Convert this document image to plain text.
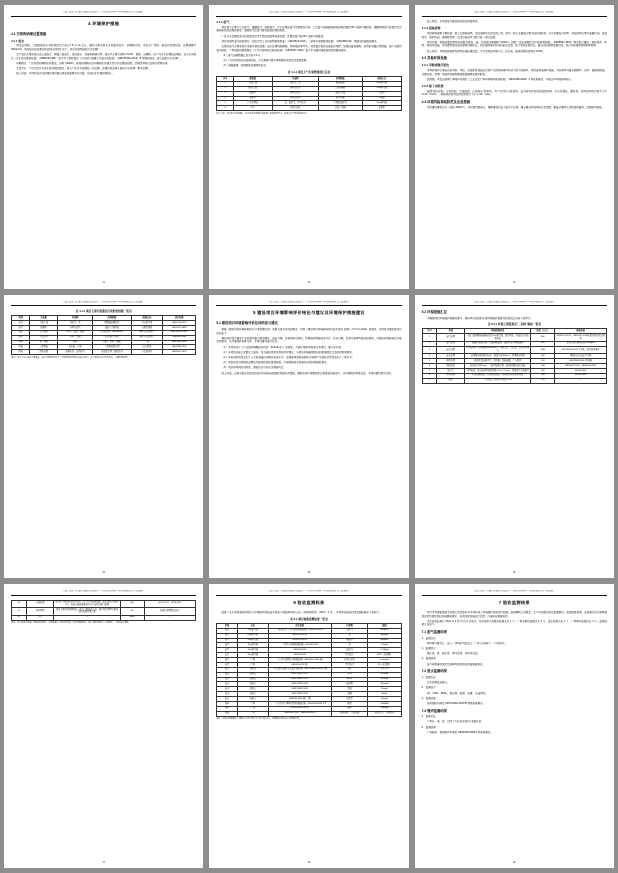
宜都兴发化工有限公司搬迁升级改造（一次性补充材料）环境影响报告书（报批稿）
4 环境保护措施
4.1 污染物治理处置措施
4.1.1 废水

项目运营期，工程的排放水类别包括生产废水7.5 万 t/a 左右，循环冷却水排水及地面冲洗水、初期雨水等。项目全厂设置一套废水处理系统，处理规模为3000m³/d，项目废水经处理达标后部分回用于生产，其余外排至园区污水处理厂。

生产废水主要包括合成工段废水、精馏工段废水、洗涤废水、设备检修排水等，废水中主要污染物为COD、氨氮、总磷等。经厂内污水处理站处理后，出水水质执行《污水综合排放标准》（GB8978-1996）表 4 中三级标准及《污水排入城镇下水道水质标准》（GB/T31962-2015）B 等级标准后，排入园区污水处理厂。

初期雨水：厂区设置初期雨水收集池，容积为500m³，收集初期雨水经初期雨水泵提升至污水处理站处理，后期清净雨水经雨水管网外排。

生活污水：厂区生活污水经化粪池预处理后，排入厂区污水处理站一并处理，处理达标后排入园区污水处理厂集中处理。

综上所述，本项目废水经处理后满足相应排放标准要求后外排，对周边水环境影响较小。

21
宜都兴发化工有限公司搬迁升级改造（一次性补充材料）环境影响报告书（报批稿）
4.1.2 废气

项目废气主要为工艺废气、储罐废气、装卸废气、污水处理站废气及事故废气等。工艺废气经碱液吸收塔处理后通过25m 高排气筒排放；储罐呼吸废气经氮封及冷凝回收系统处理后排放；装卸废气经油气回收装置处理后排放。

厂区污水处理站废气经收集后送至生物滤池除臭装置处理，处理后废气经15m 高排气筒排放。

项目有组织废气排放满足《无机化学工业污染物排放标准》（GB31573-2015）、《恶臭污染物排放标准》（GB14554-93）等相关标准限值要求。

无组织废气主要来源于设备及管线泄漏、废水处理设施逸散、物料储运等环节。项目通过提高设备密封等级、加强设备检维修、采用密闭储运等措施，减少无组织废气排放。厂界无组织排放满足《大气污染物综合排放标准》（GB16297-1996）表 2 中无组织排放监控浓度限值要求。

（1）废气治理措施汇总见表 4.1-1。

（2）厂区内设置在线监测系统，对主要排气筒污染物排放浓度进行连续监测。

（3）加强管理，杜绝跑冒滴漏现象发生。

表 4.1-1 项目大气污染物排放汇总表
序号	排放源	污染物	处理措施	排放方式
1	合成工段	氯化氢、氨	碱液吸收	25m排气筒
2	精馏工段	非甲烷总烃	冷凝+吸收	25m排气筒
3	储罐区	非甲烷总烃	氮封+冷凝	有组织
4	装卸区	非甲烷总烃	油气回收	有组织
5	污水处理站	氨、硫化氢、臭气浓度	生物滤池除臭	15m排气筒
6	全厂	非甲烷总烃	密闭、检修	无组织

综合分析：项目废气经处理后，排放浓度及速率均满足相应标准限值要求，对周边大气环境影响较小。

22
宜都兴发化工有限公司搬迁升级改造（一次性补充材料）环境影响报告书（报批稿）

综上所述，本项目废气排放满足相应标准要求。

4.1.3 固体废物

项目固体废物主要包括一般工业固体废物、危险废物和生活垃圾三类。其中一般工业固废主要为废包装材料、污水处理站污泥等；危险废物主要为废催化剂、废活性炭、废矿物油、废吸附剂等；生活垃圾由环卫部门统一清运处理。

项目设置一般固废暂存间和危废暂存间各一座，危废暂存间面积为200m²，按照《危险废物贮存污染控制标准》（GB18597-2023）要求进行建设，做好防渗、防雨、防流失措施，并设置明显的危险废物识别标志。危险废物委托有资质单位处置，签订委托处置协议，建立危险废物管理台账，执行危险废物转移联单制度。

综上所述，项目固体废物均得到妥善处理处置，不会对周边环境产生二次污染，固体废物处置率达 100%。

4.2 其他环保设施
4.2.1 甲醇或噪声防治

本项目噪声主要来自各类泵、风机、压缩机等设备运行时产生的机械噪声和空气动力性噪声。项目选用低噪声设备，对高噪声设备采取隔声、消声、减振等措施，合理布局，利用厂房隔声和距离衰减等措施降低噪声影响。

经预测，项目运营期厂界噪声可满足《工业企业厂界环境噪声排放标准》（GB12348-2008）3 类标准要求，对周边声环境影响较小。

4.2.2 地下水防渗

按照"源头控制、分区防控、污染监控、应急响应"的原则，对厂区进行分区防渗。重点防渗区包括危废暂存间、污水处理站、罐区等，防渗层渗透系数不大于 1×10⁻¹⁰cm/s；一般防渗区防渗层渗透系数不大于 1×10⁻⁷cm/s。

4.3 环境风险事故防范及应急措施

项目建设事故水池（容积 1000m³），并设置切换阀门，确保事故状态下废水不外排。建立健全环境风险应急预案，配备必要的应急物资和器材，定期组织演练。

23
宜都兴发化工有限公司搬迁升级改造（一次性补充材料）环境影响报告书（报批稿）
表 4.1-1 项目主要污染源及污染防治措施一览表
类别	污染源	污染物	治理措施	排放去向	执行标准
废气	合成工段	氯化氢、氨	两级碱液吸收塔	25m排气筒	GB31573-2015
废气	储罐区	非甲烷总烃	氮封+冷凝回收	有组织排放	GB16297-1996
废水	生产废水	COD、氨氮、总磷	污水处理站（3000m³/d）	园区污水处理厂	GB/T31962-2015
废水	生活污水	COD、氨氮	化粪池+污水站	园区污水处理厂	GB8978-1996
噪声	泵、风机	噪声	隔声、消声、减振	厂界	GB12348-2008
固废	一般固废	废包装、污泥	一般固废暂存间	综合利用	GB18599-2020
固废	危险废物	废催化剂、废活性炭	危废暂存间，委托处置	有资质单位	GB18597-2023

备注：表中 COD 指化学需氧量；GB 为国家标准代号；危废暂存间容积按 6000t 设计，并与有资质单位签订协议，定期转移处置。

24
宜都兴发化工有限公司搬迁升级改造（一次性补充材料）环境影响报告书（报批稿）
5 建设项目环境影响评价结论与建议及环境保护措施建议
5.1 建设项目环境影响评价总体结论与建议

根据《建设项目环境影响评价分类管理名录》及相关技术导则的要求，对照《建设项目环境影响评价技术导则 总纲》（HJ 2.1-2016）的规定，本项目环境影响评价结论如下：

建设项目符合国家产业政策和相关规划要求，选址合理，总量指标可满足，环境保护措施技术可行、经济合理，各类污染物均能达标排放，对周边环境影响在可接受范围内。从环境保护角度分析，本项目建设是可行的。

（1）本项目符合《产业结构调整指导目录（2024年本）》的规定，不属于限制类和淘汰类项目，属于允许类。

（2）本项目选址于宜都化工园内，符合园区规划及规划环评要求，与周边环境敏感目标的距离满足卫生防护距离要求。

（3）项目采用的清洁生产工艺和装备达到国内先进水平，资源能源消耗指标和污染物产生指标达到清洁生产二级水平。

（4）项目各类污染物经治理后均能满足相应排放标准，污染物排放总量满足总量控制指标要求。

（5）项目环境风险可防控，事故状态下的应急措施可行。

综上所述，在落实报告书提出的各项污染防治措施和风险防范措施、确保各类污染物稳定达标排放的前提下，从环境保护角度论证，本项目建设是可行的。

25
宜都兴发化工有限公司搬迁升级改造（一次性补充材料）环境影响报告书（报批稿）
5.2 环保措施汇总

为确保项目环境保护措施的落实，现将项目采取的主要环境保护措施及其投资汇总如下表所示。

表 5.2-1 环保工程投资及"三同时"验收一览表
序号	类别	环保措施内容	投资（万元）	验收标准
1	废气治理	合成工段两级碱液吸收塔及25m排气筒，配套风机、管道及在线监测系统	680	GB31573-2015、GB16297-1996无组织监控浓度限值
2	废气治理	储罐区氮封系统、冷凝回收装置、装卸区油气回收装置	420	非甲烷总烃排放浓度≤80mg/m³
3	废水治理	污水处理站（处理规模3000m³/d），含调节池、生化池、深度处理单元	1850	GB/T31962-2015 B等级、园区纳管要求
4	废水治理	初期雨水收集池500m³、事故水池1000m³、清净雨水管网	360	事故状态下废水不外排
5	噪声治理	高噪声设备隔声罩、消声器、基础减振、厂房隔声	150	GB12348-2008 3类标准
6	固废处置	危废暂存间200m²、一般固废暂存间，防渗防雨防流失设施	240	GB18597-2023、GB18599-2020
7	地下水	分区防渗，重点防渗区渗透系数≤1×10⁻¹⁰cm/s，设置地下水监测井	320	HJ610-2016
8	环境风险	应急预案编制、应急物资储备、自动化控制与报警系统	180	HJ169-2018
9	绿化	厂区绿化，绿化率不低于15%	120	—
26
宜都兴发化工有限公司搬迁升级改造（一次性补充材料）环境影响报告书（报批稿）
10	在线监测	废气排气筒安装非甲烷总烃、氨等在线监测设施，废水总排口安装COD、氨氮在线监测设施并与生态环境部门联网	260	HJ75-2017、HJ76-2017
11	环境管理	设置专职环保管理机构，配备专职环保人员，建立环境管理台账和危险废物管理台账	80	按相关管理规定执行
12	合计	—	4660	—

备注：表中投资为环保工程投资估算值，实际投资以工程决算为准；所有环保设施与主体工程同时设计、同时施工、同时投入使用。

27
宜都兴发化工有限公司搬迁升级改造（一次性补充材料）环境影响报告书（报批稿）
6 验收监测标准

依据《关于印发建设项目竣工环境保护验收技术指南 污染影响类的公告》（国环规环评〔2017〕4 号），本项目验收执行的监测标准如下表所示。

表 6-1 项目验收监测标准一览表
类别	点位	执行标准	污染物	限值
废气	25m排气筒	《无机化学工业污染物排放标准》GB31573-2015	氯化氢	30mg/m³
废气	25m排气筒	GB31573-2015	氨	30mg/m³
废气	25m排气筒	GB31573-2015	硫酸雾	30mg/m³
废气	15m排气筒	《恶臭污染物排放标准》GB14554-93	氨	4.9kg/h
废气	15m排气筒	GB14554-93	硫化氢	0.33kg/h
废气	15m排气筒	GB14554-93	臭气浓度	2000（无量纲）
废气	厂界	《大气污染物综合排放标准》GB16297-1996 表2	非甲烷总烃	4.0mg/m³
废气	厂界	GB14554-93 表1	臭气浓度	20（无量纲）
废水	总排口	《污水排入城镇下水道水质标准》GB/T31962-2015 B等级	pH	6.5~9.5
废水	总排口	GB/T31962-2015	COD	500mg/L
废水	总排口	GB/T31962-2015	BOD₅	350mg/L
废水	总排口	GB/T31962-2015	悬浮物	400mg/L
废水	总排口	GB/T31962-2015	氨氮	45mg/L
废水	总排口	GB/T31962-2015	总磷	8mg/L
废水	总排口	GB8978-1996 表4三级	石油类	20mg/L
噪声	厂界	《工业企业厂界环境噪声排放标准》GB12348-2008 3类	昼间	65dB(A)
噪声	厂界	GB12348-2008 3类	夜间	55dB(A)
固废	厂区	GB18597-2023、GB18599-2020	危险废物、一般固废	规范贮存、合规处置

备注：验收监测期间生产负荷应不低于设计生产能力的75%；监测频次按相关技术规范执行。

28
宜都兴发化工有限公司搬迁升级改造（一次性补充材料）环境影响报告书（报批稿）
7 验收监测结果

武汉市华测检测技术有限公司受委托对本项目竣工环境保护验收进行监测，监测期间工况稳定，生产负荷满足验收监测要求。监测结果表明，各监测点位污染物排放浓度均满足相应标准限值要求，各项环保设施运行正常，污染防治措施有效。

本次验收监测于 2024 年 4 月 8 日~9 日进行，共布设废气有组织监测点位 2 个、厂界无组织监测点位 4 个、废水监测点位 1 个、厂界噪声监测点位 4 个。监测结果汇总如下。

7.1 废气监测结果

1、监测点位

25m排气筒进口、出口；15m排气筒出口；厂界上风向1个、下风向3个。

2、监测因子

氯化氢、氨、硫化氢、臭气浓度、非甲烷总烃。

3、监测结果

各污染物排放浓度及速率均满足相应标准限值要求。

7.2 废水监测结果

1、监测点位

污水处理站总排口。

2、监测因子

pH、COD、BOD₅、悬浮物、氨氮、总磷、石油类等。

3、监测结果

各项指标均满足 GB/T31962-2015 B 等级标准要求。

7.3 噪声监测结果

1、监测点位

厂界东、南、西、北四个方位各布设1个监测点位。

2、监测结果

厂界昼间、夜间噪声均满足 GB12348-2008 3 类标准要求。

29
